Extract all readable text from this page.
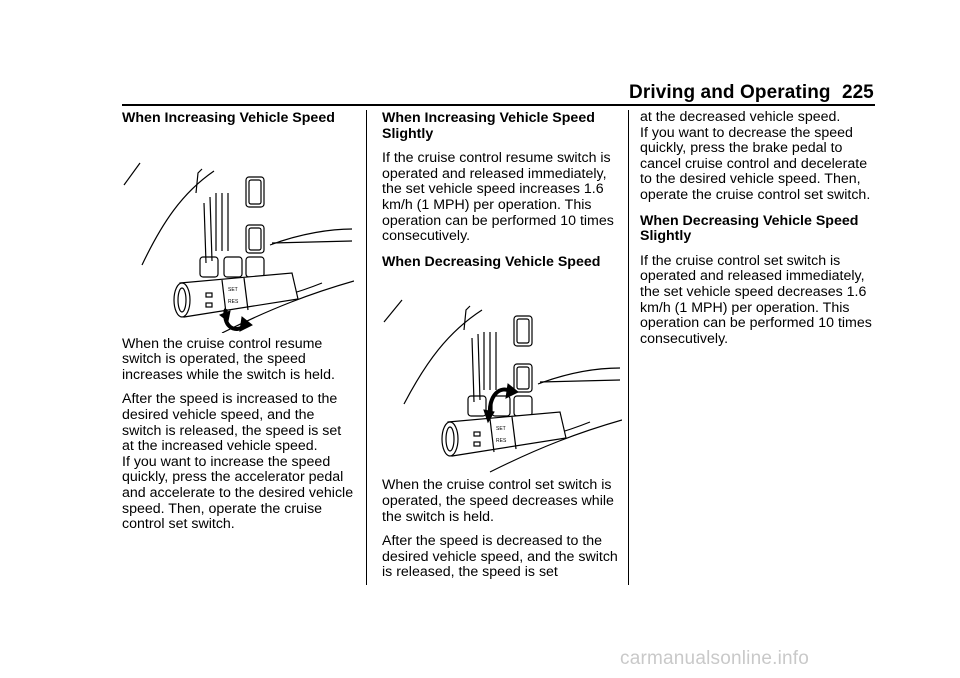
Driving and Operating 225
When Increasing Vehicle Speed
SET
RES

When the cruise control resume switch is operated, the speed increases while the switch is held.

After the speed is increased to the desired vehicle speed, and the switch is released, the speed is set at the increased vehicle speed.

If you want to increase the speed quickly, press the accelerator pedal and accelerate to the desired vehicle speed. Then, operate the cruise control set switch.

When Increasing Vehicle Speed Slightly

If the cruise control resume switch is operated and released immediately, the set vehicle speed increases 1.6 km/h (1 MPH) per operation. This operation can be performed 10 times consecutively.

When Decreasing Vehicle Speed
SET
RES

When the cruise control set switch is operated, the speed decreases while the switch is held.

After the speed is decreased to the desired vehicle speed, and the switch is released, the speed is set

at the decreased vehicle speed.

If you want to decrease the speed quickly, press the brake pedal to cancel cruise control and decelerate to the desired vehicle speed. Then, operate the cruise control set switch.

When Decreasing Vehicle Speed Slightly

If the cruise control set switch is operated and released immediately, the set vehicle speed decreases 1.6 km/h (1 MPH) per operation. This operation can be performed 10 times consecutively.

carmanualsonline.info
